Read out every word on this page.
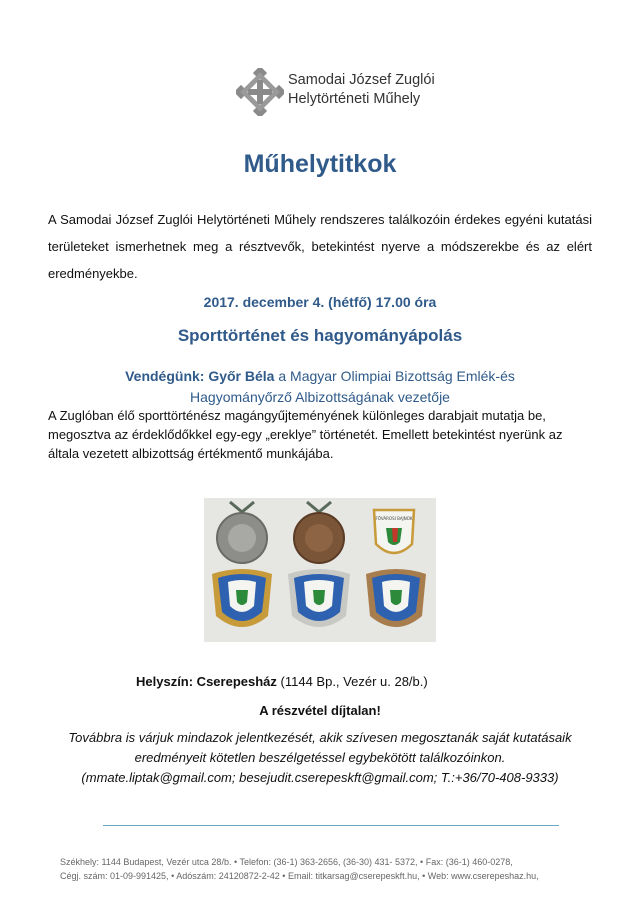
Samodai József Zuglói
Helytörténeti Műhely
Műhelytitkok
A Samodai József Zuglói Helytörténeti Műhely rendszeres találkozóin érdekes egyéni kutatási területeket ismerhetnek meg a résztvevők, betekintést nyerve a módszerekbe és az elért eredményekbe.
2017. december 4. (hétfő) 17.00 óra
Sporttörténet és hagyományápolás
Vendégünk: Győr Béla a Magyar Olimpiai Bizottság Emlék-és Hagyományőrző Albizottságának vezetője
A Zuglóban élő sporttörténész magángyűjteményének különleges darabjait mutatja be, megosztva az érdeklődőkkel egy-egy „ereklye” történetét. Emellett betekintést nyerünk az általa vezetett albizottság értékmentő munkájába.
FŐVÁROSI BAJNOK
Helyszín: Cserepesház (1144 Bp., Vezér u. 28/b.)
A részvétel díjtalan!
Továbbra is várjuk mindazok jelentkezését, akik szívesen megosztanák saját kutatásaik
eredményeit kötetlen beszélgetéssel egybekötött találkozóinkon.
(mmate.liptak@gmail.com; besejudit.cserepeskft@gmail.com; T.:+36/70-408-9333)
Székhely: 1144 Budapest, Vezér utca 28/b. • Telefon: (36-1) 363-2656, (36-30) 431- 5372, • Fax: (36-1) 460-0278,
Cégj. szám: 01-09-991425, • Adószám: 24120872-2-42 • Email: titkarsag@cserepeskft.hu, • Web: www.cserepeshaz.hu,
